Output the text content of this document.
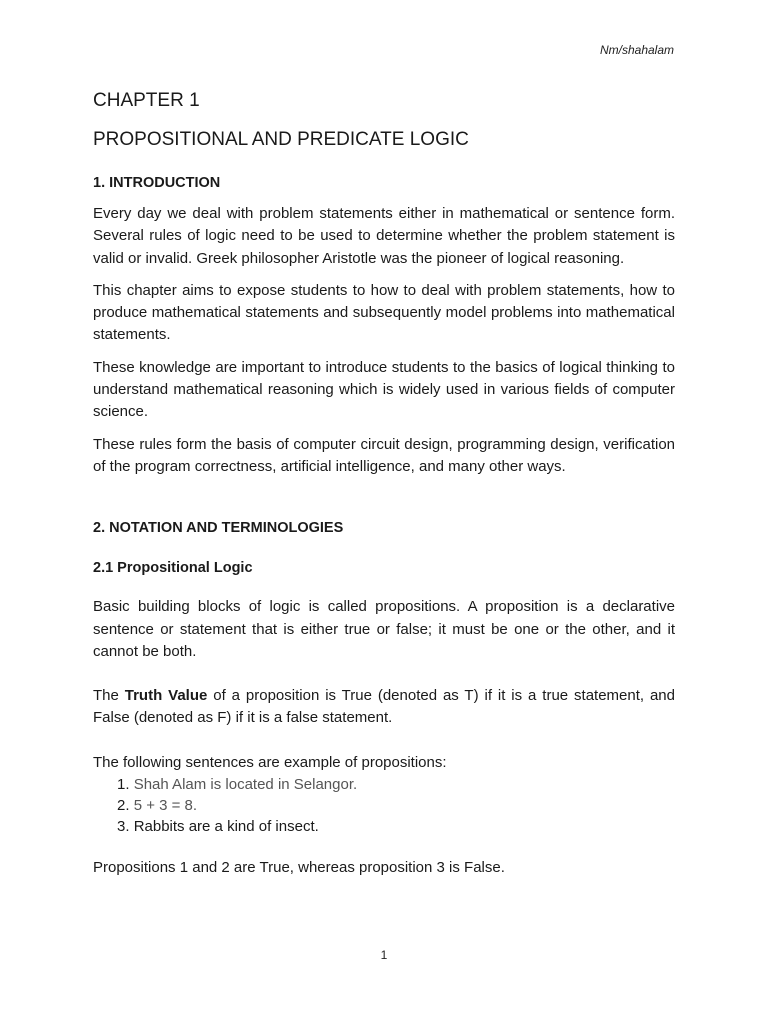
Nm/shahalam
CHAPTER 1
PROPOSITIONAL AND PREDICATE LOGIC
1. INTRODUCTION

Every day we deal with problem statements either in mathematical or sentence form. Several rules of logic need to be used to determine whether the problem statement is valid or invalid. Greek philosopher Aristotle was the pioneer of logical reasoning.

This chapter aims to expose students to how to deal with problem statements, how to produce mathematical statements and subsequently model problems into mathematical statements.

These knowledge are important to introduce students to the basics of logical thinking to understand mathematical reasoning which is widely used in various fields of computer science.

These rules form the basis of computer circuit design, programming design, verification of the program correctness, artificial intelligence, and many other ways.

2. NOTATION AND TERMINOLOGIES
2.1 Propositional Logic

Basic building blocks of logic is called propositions. A proposition is a declarative sentence or statement that is either true or false; it must be one or the other, and it cannot be both.

The Truth Value of a proposition is True (denoted as T) if it is a true statement, and False (denoted as F) if it is a false statement.

The following sentences are example of propositions:

1. Shah Alam is located in Selangor.
2. 5 + 3 = 8.
3. Rabbits are a kind of insect.

Propositions 1 and 2 are True, whereas proposition 3 is False.

1
